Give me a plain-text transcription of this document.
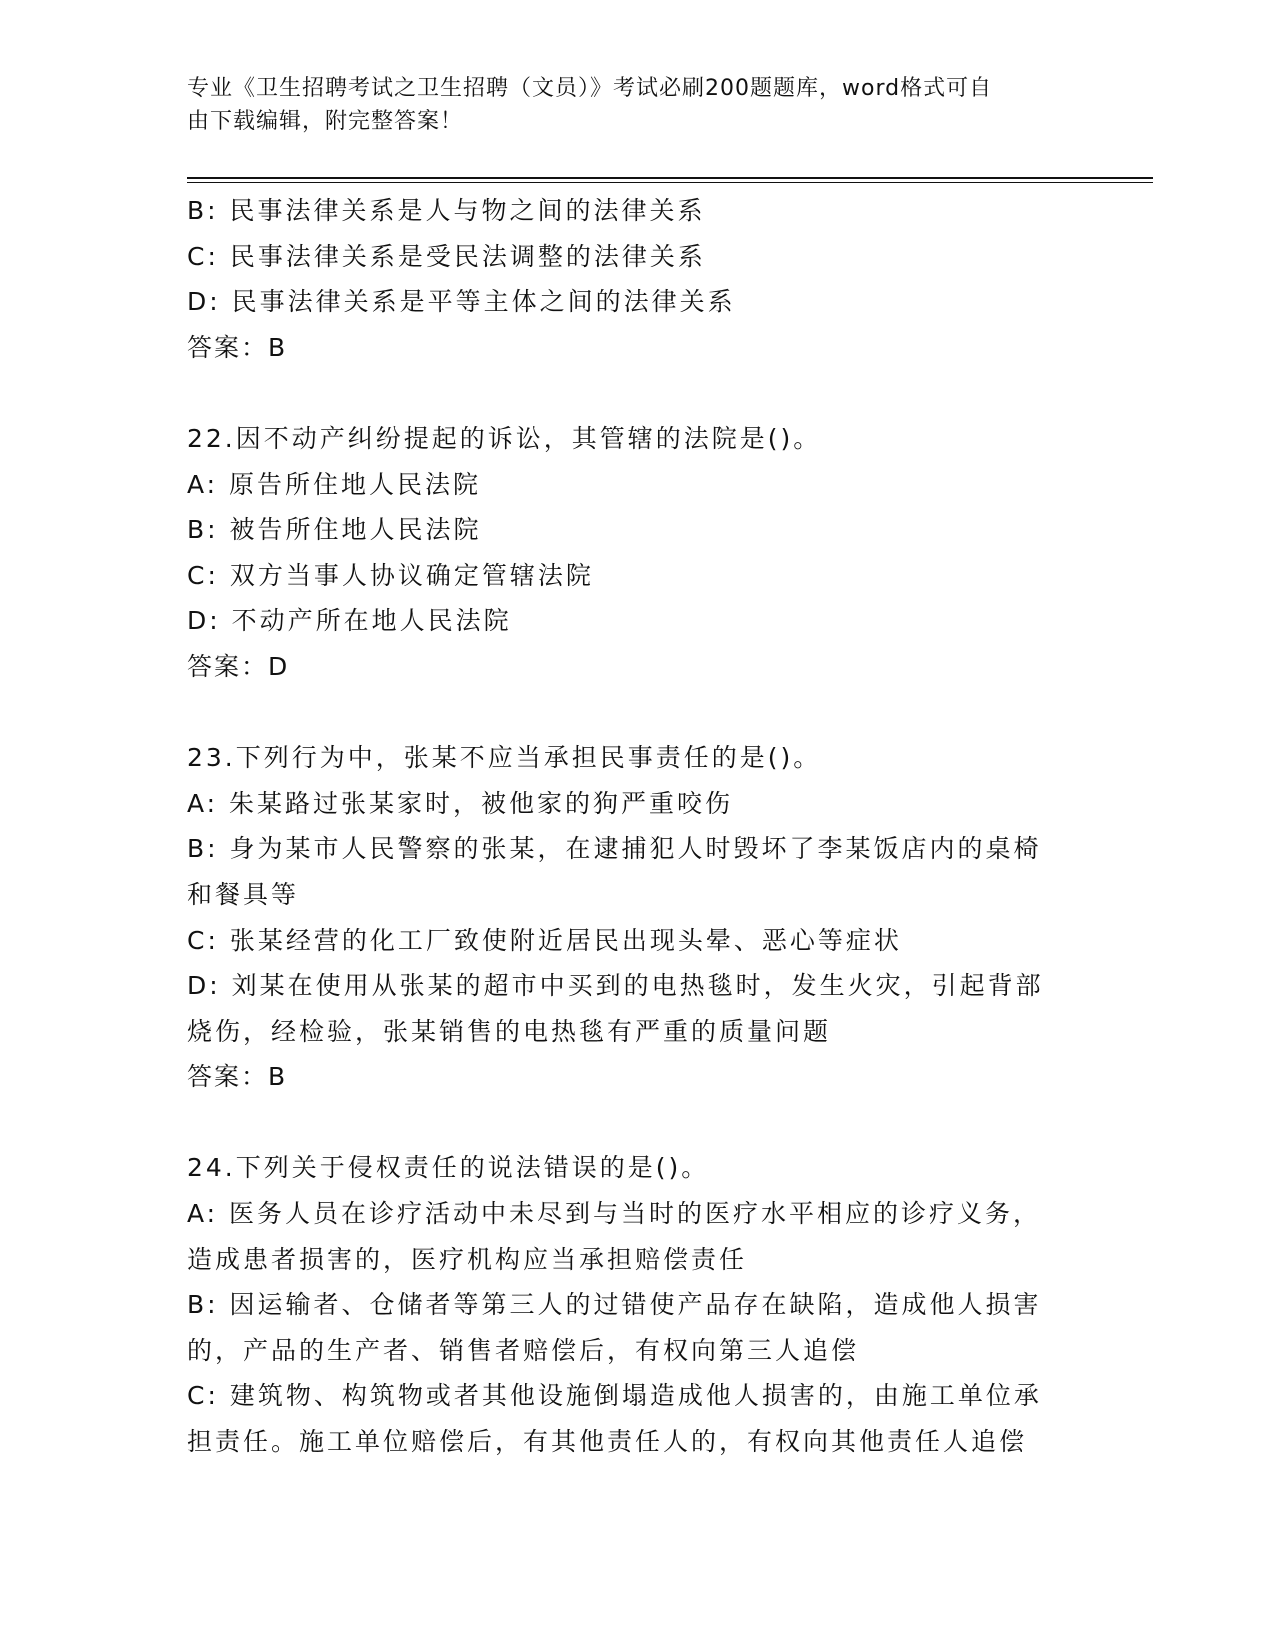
专业《卫生招聘考试之卫生招聘（文员）》考试必刷200题题库，word格式可自
由下载编辑，附完整答案！

B: 民事法律关系是人与物之间的法律关系

C: 民事法律关系是受民法调整的法律关系

D: 民事法律关系是平等主体之间的法律关系

答案：B

22.因不动产纠纷提起的诉讼，其管辖的法院是()。

A: 原告所住地人民法院

B: 被告所住地人民法院

C: 双方当事人协议确定管辖法院

D: 不动产所在地人民法院

答案：D

23.下列行为中，张某不应当承担民事责任的是()。

A: 朱某路过张某家时，被他家的狗严重咬伤

B: 身为某市人民警察的张某，在逮捕犯人时毁坏了李某饭店内的桌椅

和餐具等

C: 张某经营的化工厂致使附近居民出现头晕、恶心等症状

D: 刘某在使用从张某的超市中买到的电热毯时，发生火灾，引起背部

烧伤，经检验，张某销售的电热毯有严重的质量问题

答案：B

24.下列关于侵权责任的说法错误的是()。

A: 医务人员在诊疗活动中未尽到与当时的医疗水平相应的诊疗义务，

造成患者损害的，医疗机构应当承担赔偿责任

B: 因运输者、仓储者等第三人的过错使产品存在缺陷，造成他人损害

的，产品的生产者、销售者赔偿后，有权向第三人追偿

C: 建筑物、构筑物或者其他设施倒塌造成他人损害的，由施工单位承

担责任。施工单位赔偿后，有其他责任人的，有权向其他责任人追偿
